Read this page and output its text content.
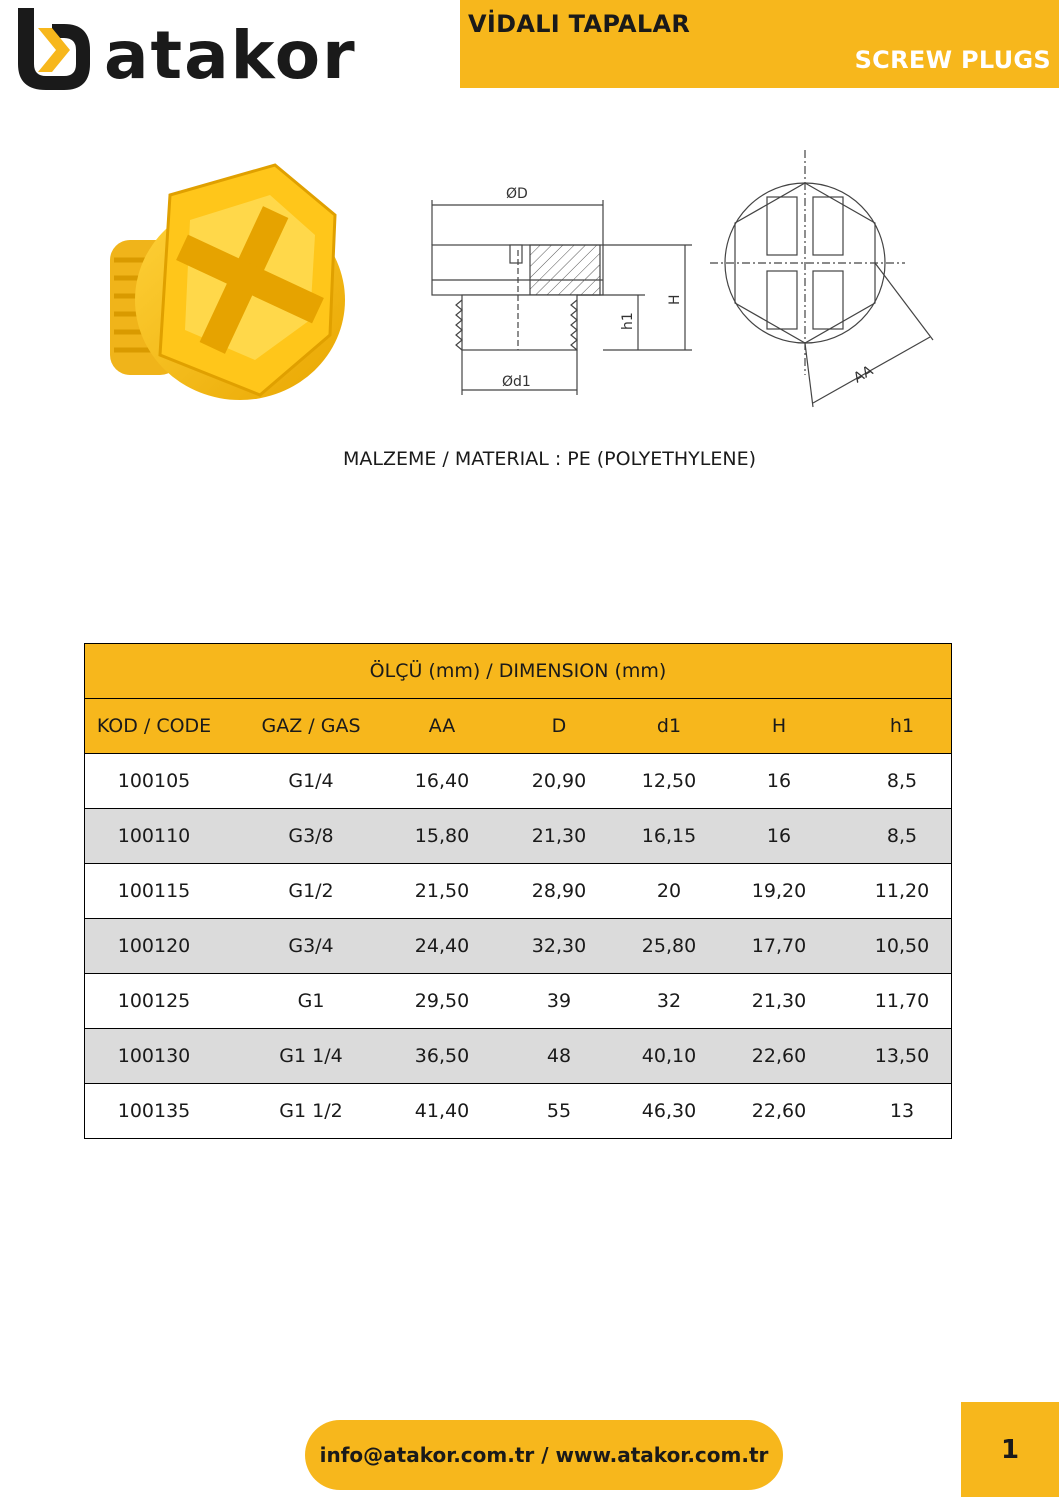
atakor	VİDALI TAPALAR
SCREW PLUGS
ØD
Ød1
H
h1
AA
MALZEME / MATERIAL : PE (POLYETHYLENE)
ÖLÇÜ (mm) / DIMENSION (mm)						
KOD / CODE	GAZ / GAS	AA	D	d1	H	h1
100105	G1/4	16,40	20,90	12,50	16	8,5
100110	G3/8	15,80	21,30	16,15	16	8,5
100115	G1/2	21,50	28,90	20	19,20	11,20
100120	G3/4	24,40	32,30	25,80	17,70	10,50
100125	G1	29,50	39	32	21,30	11,70
100130	G1 1/4	36,50	48	40,10	22,60	13,50
100135	G1 1/2	41,40	55	46,30	22,60	13
info@atakor.com.tr / www.atakor.com.tr	1
